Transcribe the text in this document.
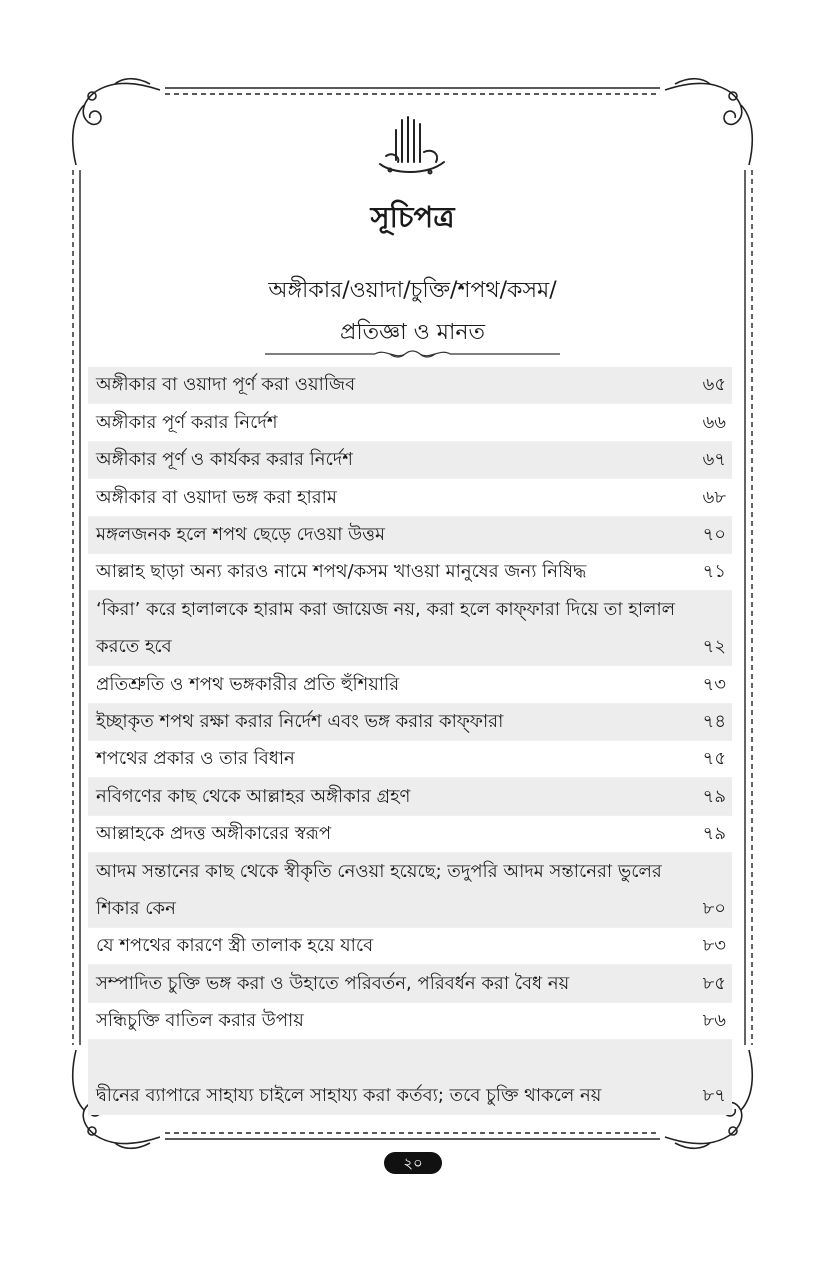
সূচিপত্র
অঙ্গীকার/ওয়াদা/চুক্তি/শপথ/কসম/
প্রতিজ্ঞা ও মানত
অঙ্গীকার বা ওয়াদা পূর্ণ করা ওয়াজিব	৬৫
অঙ্গীকার পূর্ণ করার নির্দেশ	৬৬
অঙ্গীকার পূর্ণ ও কার্যকর করার নির্দেশ	৬৭
অঙ্গীকার বা ওয়াদা ভঙ্গ করা হারাম	৬৮
মঙ্গলজনক হলে শপথ ছেড়ে দেওয়া উত্তম	৭০
আল্লাহ ছাড়া অন্য কারও নামে শপথ/কসম খাওয়া মানুষের জন্য নিষিদ্ধ	৭১
‘কিরা’ করে হালালকে হারাম করা জায়েজ নয়, করা হলে কাফ্ফারা দিয়ে তা হালাল করতে হবে	৭২
প্রতিশ্রুতি ও শপথ ভঙ্গকারীর প্রতি হুঁশিয়ারি	৭৩
ইচ্ছাকৃত শপথ রক্ষা করার নির্দেশ এবং ভঙ্গ করার কাফ্ফারা	৭৪
শপথের প্রকার ও তার বিধান	৭৫
নবিগণের কাছ থেকে আল্লাহর অঙ্গীকার গ্রহণ	৭৯
আল্লাহকে প্রদত্ত অঙ্গীকারের স্বরূপ	৭৯
আদম সন্তানের কাছ থেকে স্বীকৃতি নেওয়া হয়েছে; তদুপরি আদম সন্তানেরা ভুলের শিকার কেন	৮০
যে শপথের কারণে স্ত্রী তালাক হয়ে যাবে	৮৩
সম্পাদিত চুক্তি ভঙ্গ করা ও উহাতে পরিবর্তন, পরিবর্ধন করা বৈধ নয়	৮৫
সন্ধিচুক্তি বাতিল করার উপায়	৮৬
দ্বীনের ব্যাপারে সাহায্য চাইলে সাহায্য করা কর্তব্য; তবে চুক্তি থাকলে নয়	৮৭
২০
